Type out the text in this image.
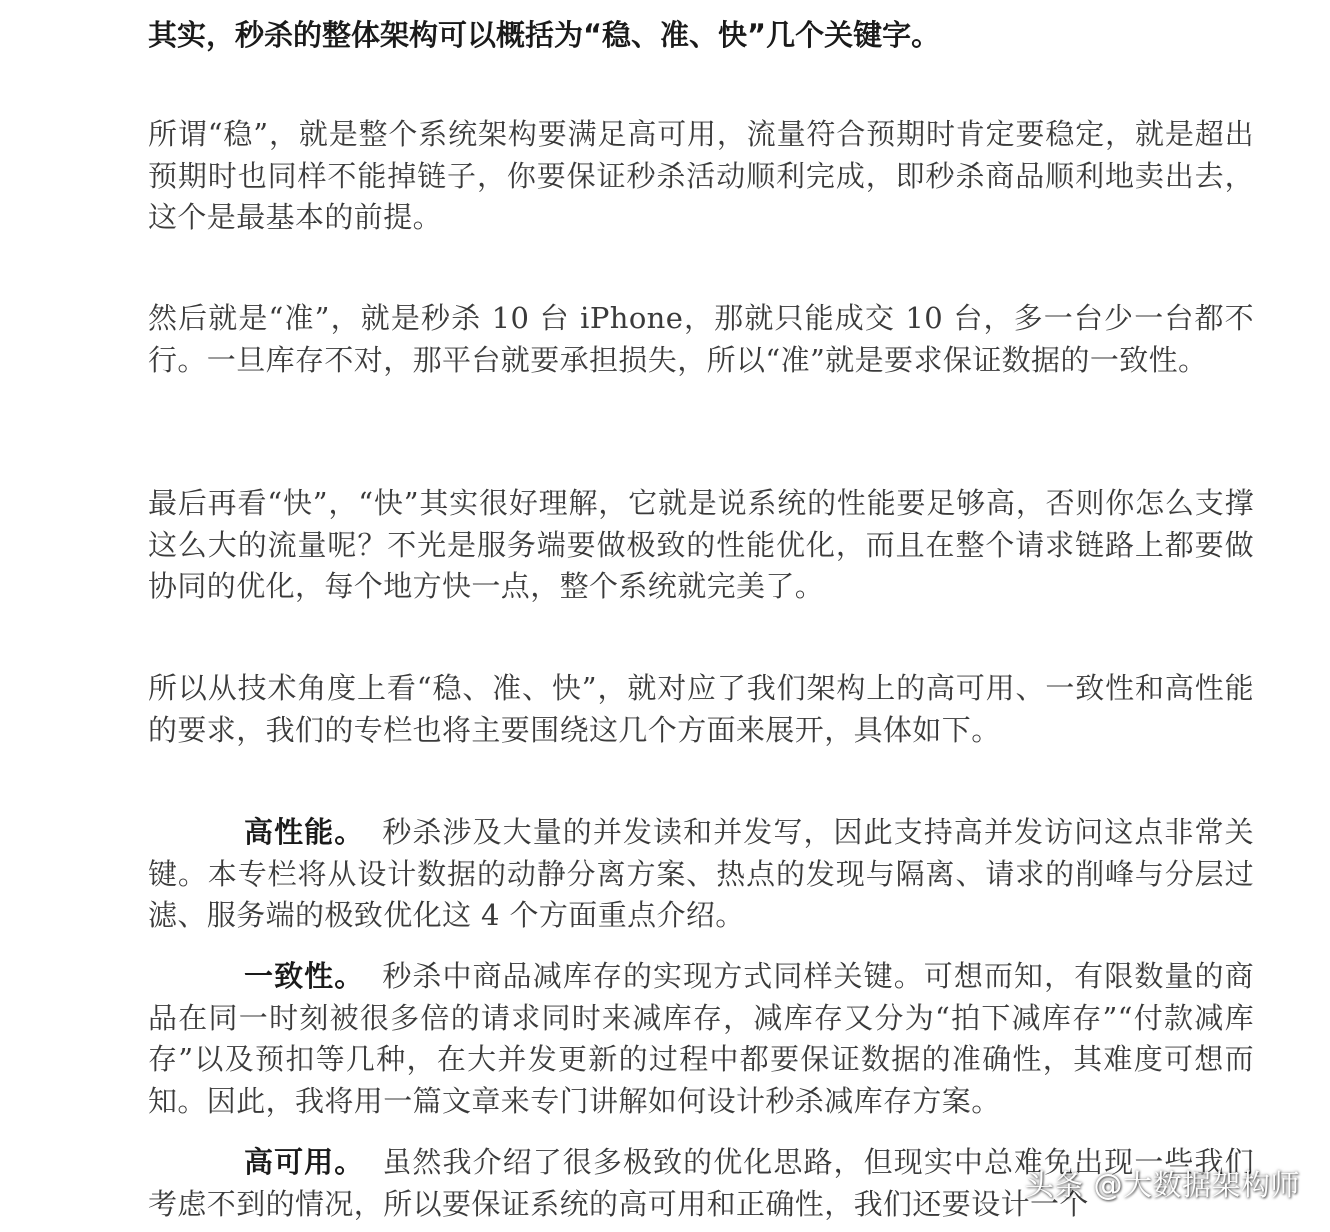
其实，秒杀的整体架构可以概括为“稳、准、快”几个关键字。

所谓“稳”，就是整个系统架构要满足高可用，流量符合预期时肯定要稳定，就是超出预期时也同样不能掉链子，你要保证秒杀活动顺利完成，即秒杀商品顺利地卖出去，这个是最基本的前提。

然后就是“准”，就是秒杀 10 台 iPhone，那就只能成交 10 台，多一台少一台都不行。一旦库存不对，那平台就要承担损失，所以“准”就是要求保证数据的一致性。

最后再看“快”，“快”其实很好理解，它就是说系统的性能要足够高，否则你怎么支撑这么大的流量呢？不光是服务端要做极致的性能优化，而且在整个请求链路上都要做协同的优化，每个地方快一点，整个系统就完美了。

所以从技术角度上看“稳、准、快”，就对应了我们架构上的高可用、一致性和高性能的要求，我们的专栏也将主要围绕这几个方面来展开，具体如下。

高性能。 秒杀涉及大量的并发读和并发写，因此支持高并发访问这点非常关键。本专栏将从设计数据的动静分离方案、热点的发现与隔离、请求的削峰与分层过滤、服务端的极致优化这 4 个方面重点介绍。

一致性。 秒杀中商品减库存的实现方式同样关键。可想而知，有限数量的商品在同一时刻被很多倍的请求同时来减库存，减库存又分为“拍下减库存”“付款减库存”以及预扣等几种，在大并发更新的过程中都要保证数据的准确性，其难度可想而知。因此，我将用一篇文章来专门讲解如何设计秒杀减库存方案。

高可用。 虽然我介绍了很多极致的优化思路，但现实中总难免出现一些我们考虑不到的情况，所以要保证系统的高可用和正确性，我们还要设计一个

头条 @大数据架构师
